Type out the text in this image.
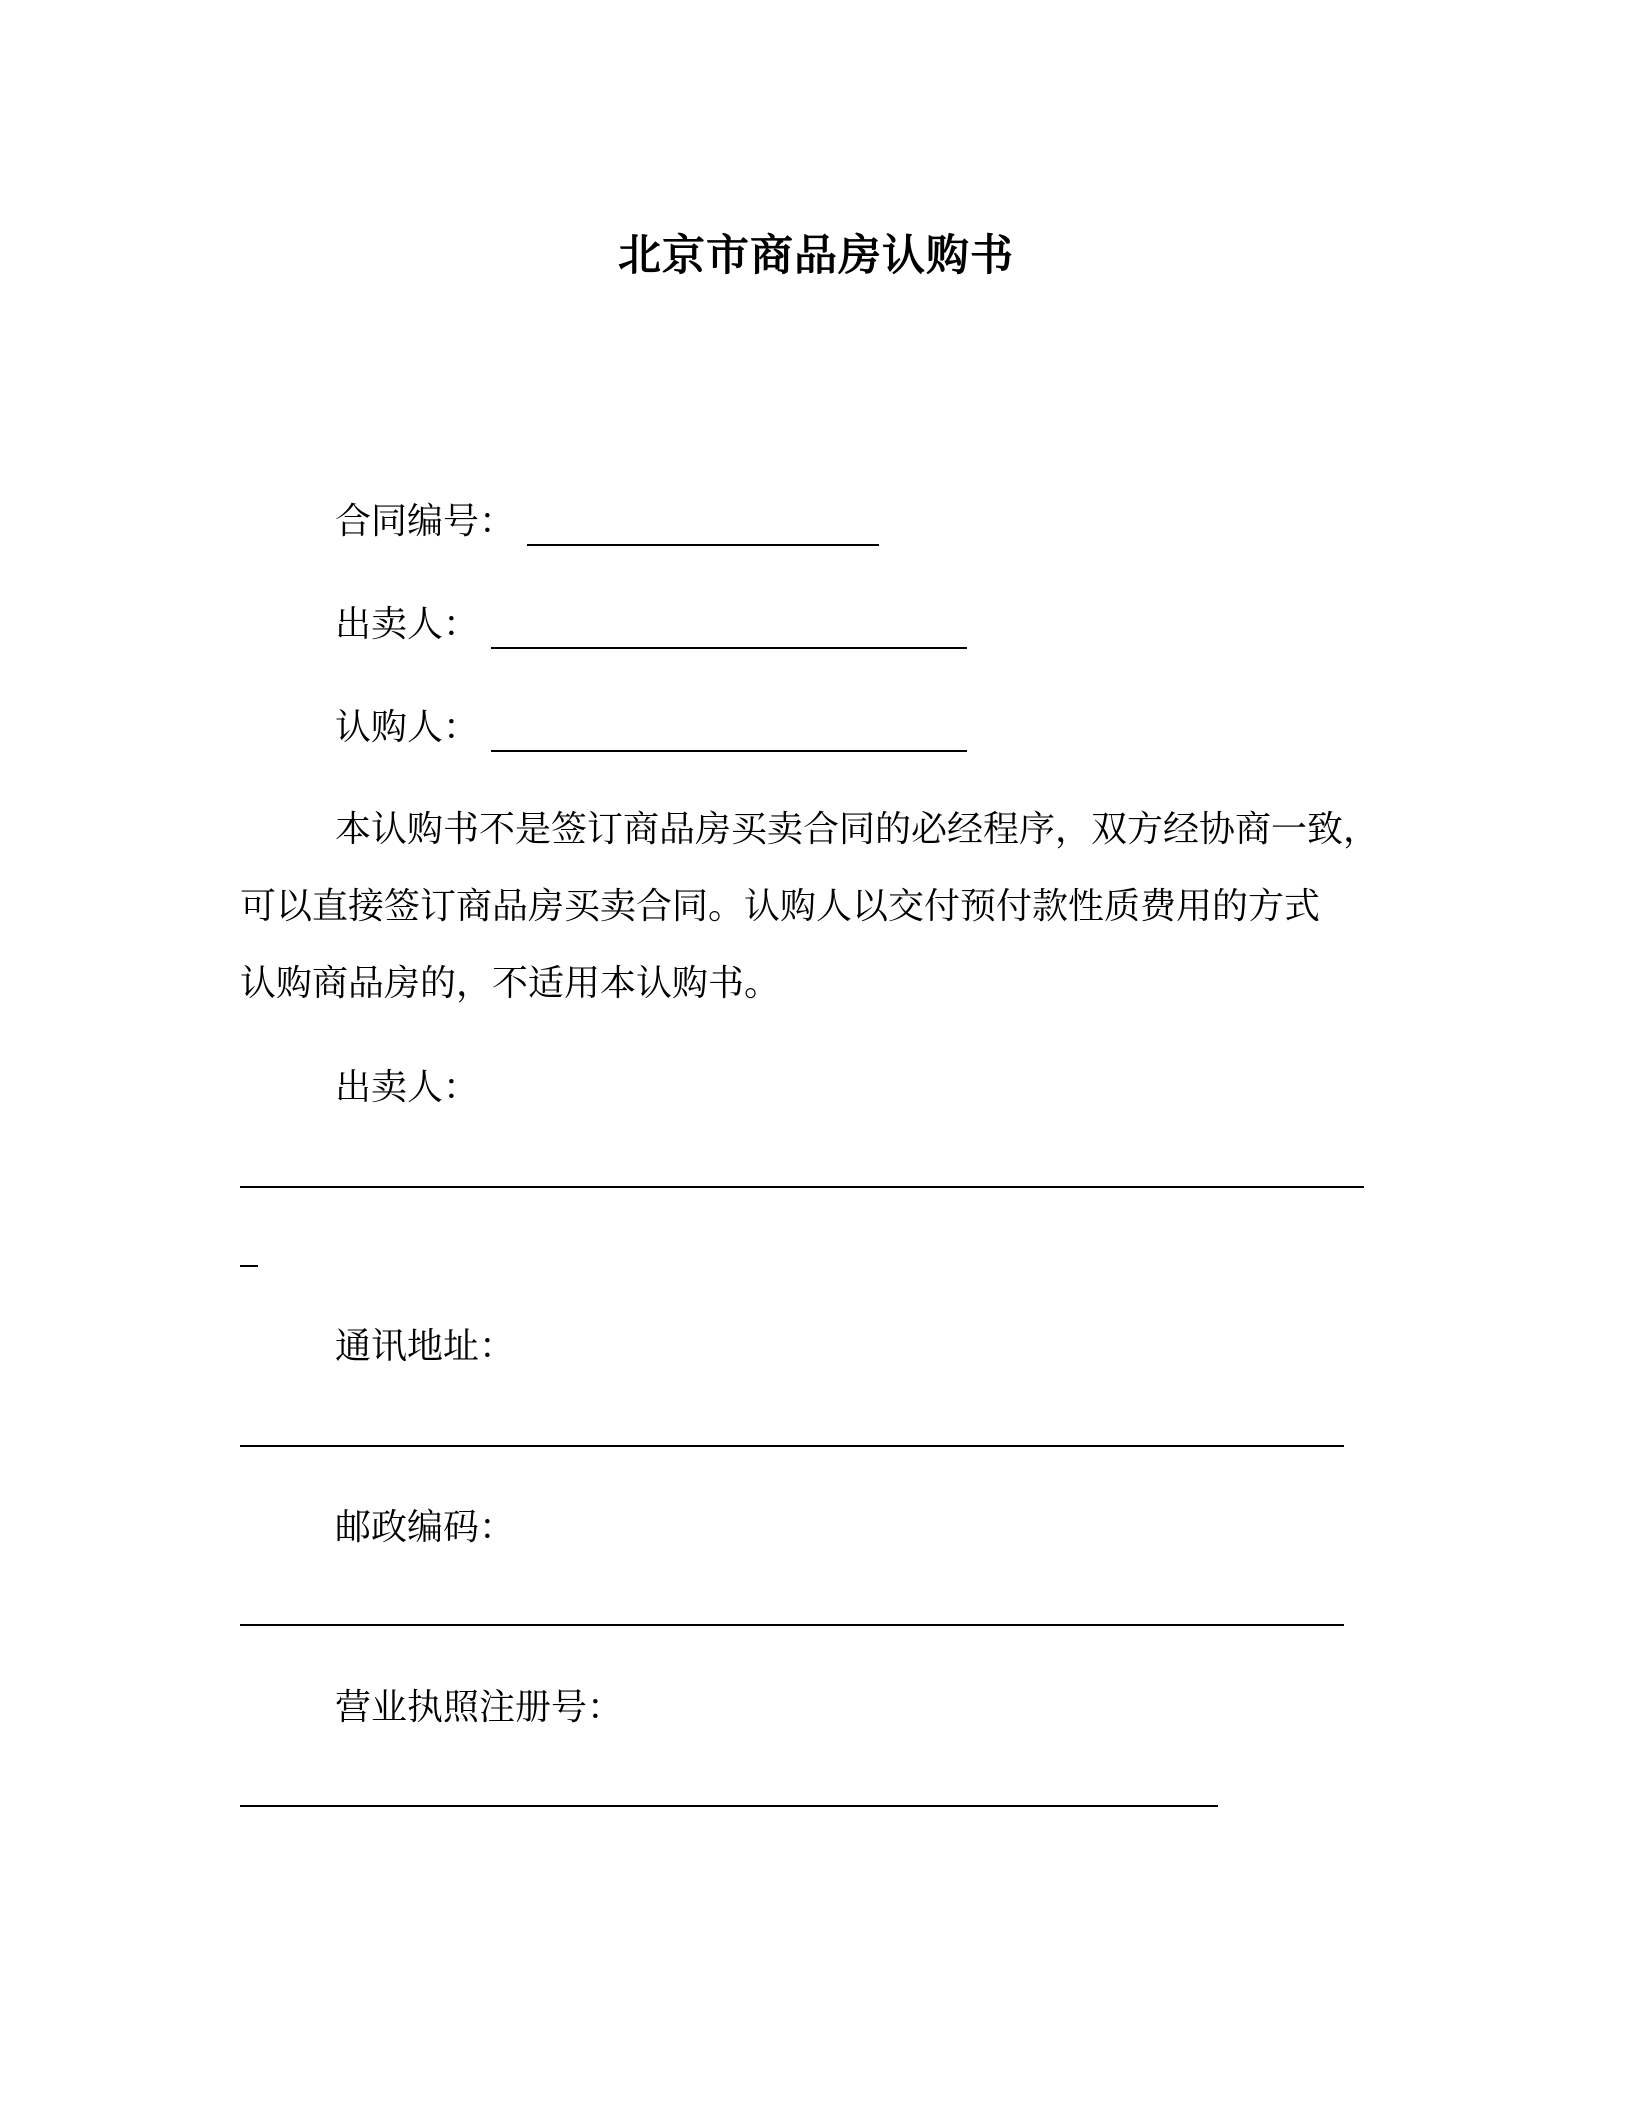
北京市商品房认购书
合同编号：
出卖人：
认购人：
本认购书不是签订商品房买卖合同的必经程序，双方经协商一致，
可以直接签订商品房买卖合同。认购人以交付预付款性质费用的方式
认购商品房的，不适用本认购书。
出卖人：
通讯地址：
邮政编码：
营业执照注册号：
